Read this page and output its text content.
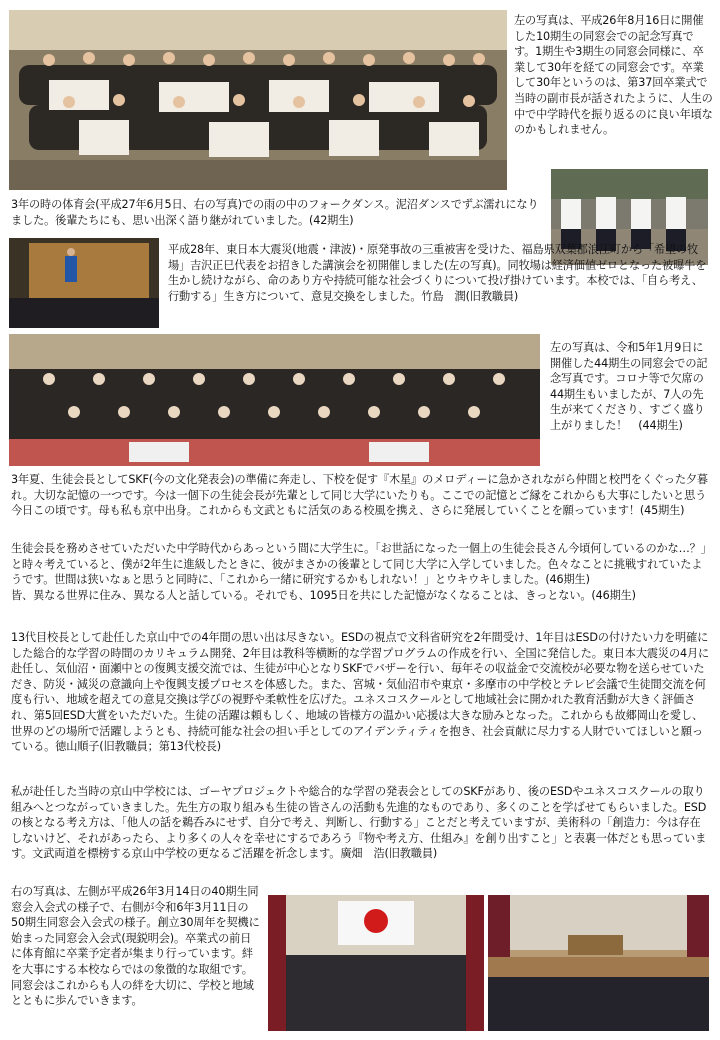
左の写真は、平成26年8月16日に開催した10期生の同窓会での記念写真です。1期生や3期生の同窓会同様に、卒業して30年を経ての同窓会です。卒業して30年というのは、第37回卒業式で当時の副市長が話されたように、人生の中で中学時代を振り返るのに良い年頃なのかもしれません。

3年の時の体育会(平成27年6月5日、右の写真)での雨の中のフォークダンス。泥沼ダンスでずぶ濡れになりました。後輩たちにも、思い出深く語り継がれていました。(42期生)

平成28年、東日本大震災(地震・津波)・原発事故の三重被害を受けた、福島県双葉郡浪江町から「希望の牧場」吉沢正巳代表をお招きした講演会を初開催しました(左の写真)。同牧場は経済価値ゼロとなった被曝牛を生かし続けながら、命のあり方や持続可能な社会づくりについて投げ掛けています。本校では、「自ら考え、行動する」生き方について、意見交換をしました。竹島　潤(旧教職員)

左の写真は、令和5年1月9日に開催した44期生の同窓会での記念写真です。コロナ等で欠席の44期生もいましたが、7人の先生が来てくださり、すごく盛り上がりました！　(44期生)

3年夏、生徒会長としてSKF(今の文化発表会)の準備に奔走し、下校を促す『木星』のメロディーに急かされながら仲間と校門をくぐった夕暮れ。大切な記憶の一つです。今は一個下の生徒会長が先輩として同じ大学にいたりも。ここでの記憶とご縁をこれからも大事にしたいと思う今日この頃です。母も私も京中出身。これからも文武ともに活気のある校風を携え、さらに発展していくことを願っています！(45期生)

生徒会長を務めさせていただいた中学時代からあっという間に大学生に。「お世話になった一個上の生徒会長さん今頃何しているのかな…？」と時々考えていると、僕が2年生に進級したときに、彼がまさかの後輩として同じ大学に入学していました。色々なことに挑戦すれていたようです。世間は狭いなぁと思うと同時に、「これから一緒に研究するかもしれない！」とウキウキしました。(46期生)

皆、異なる世界に住み、異なる人と話している。それでも、1095日を共にした記憶がなくなることは、きっとない。(46期生)

13代目校長として赴任した京山中での4年間の思い出は尽きない。ESDの視点で文科省研究を2年間受け、1年目はESDの付けたい力を明確にした総合的な学習の時間のカリキュラム開発、2年目は教科等横断的な学習プログラムの作成を行い、全国に発信した。東日本大震災の4月に赴任し、気仙沼・面瀬中との復興支援交流では、生徒が中心となりSKFでバザーを行い、毎年その収益金で交流校が必要な物を送らせていただき、防災・減災の意識向上や復興支援プロセスを体感した。また、宮城・気仙沼市や東京・多摩市の中学校とテレビ会議で生徒間交流を何度も行い、地域を超えての意見交換は学びの視野や柔軟性を広げた。ユネスコスクールとして地域社会に開かれた教育活動が大きく評価され、第5回ESD大賞をいただいた。生徒の活躍は頼もしく、地域の皆様方の温かい応援は大きな励みとなった。これからも故郷岡山を愛し、世界のどの場所で活躍しようとも、持続可能な社会の担い手としてのアイデンティティを抱き、社会貢献に尽力する人財でいてほしいと願っている。徳山順子(旧教職員；第13代校長)

私が赴任した当時の京山中学校には、ゴーヤプロジェクトや総合的な学習の発表会としてのSKFがあり、後のESDやユネスコスクールの取り組みへとつながっていきました。先生方の取り組みも生徒の皆さんの活動も先進的なものであり、多くのことを学ばせてもらいました。ESDの核となる考え方は、「他人の話を鵜呑みにせず、自分で考え、判断し、行動する」ことだと考えていますが、美術科の「創造力：今は存在しないけど、それがあったら、より多くの人々を幸せにするであろう『物や考え方、仕組み』を創り出すこと」と表裏一体だとも思っています。文武両道を標榜する京山中学校の更なるご活躍を祈念します。廣畑　浩(旧教職員)

右の写真は、左側が平成26年3月14日の40期生同窓会入会式の様子で、右側が令和6年3月11日の50期生同窓会入会式の様子。創立30周年を契機に始まった同窓会入会式(現鋭明会)。卒業式の前日に体育館に卒業予定者が集まり行っています。絆を大事にする本校ならではの象徴的な取組です。同窓会はこれからも人の絆を大切に、学校と地域とともに歩んでいきます。
